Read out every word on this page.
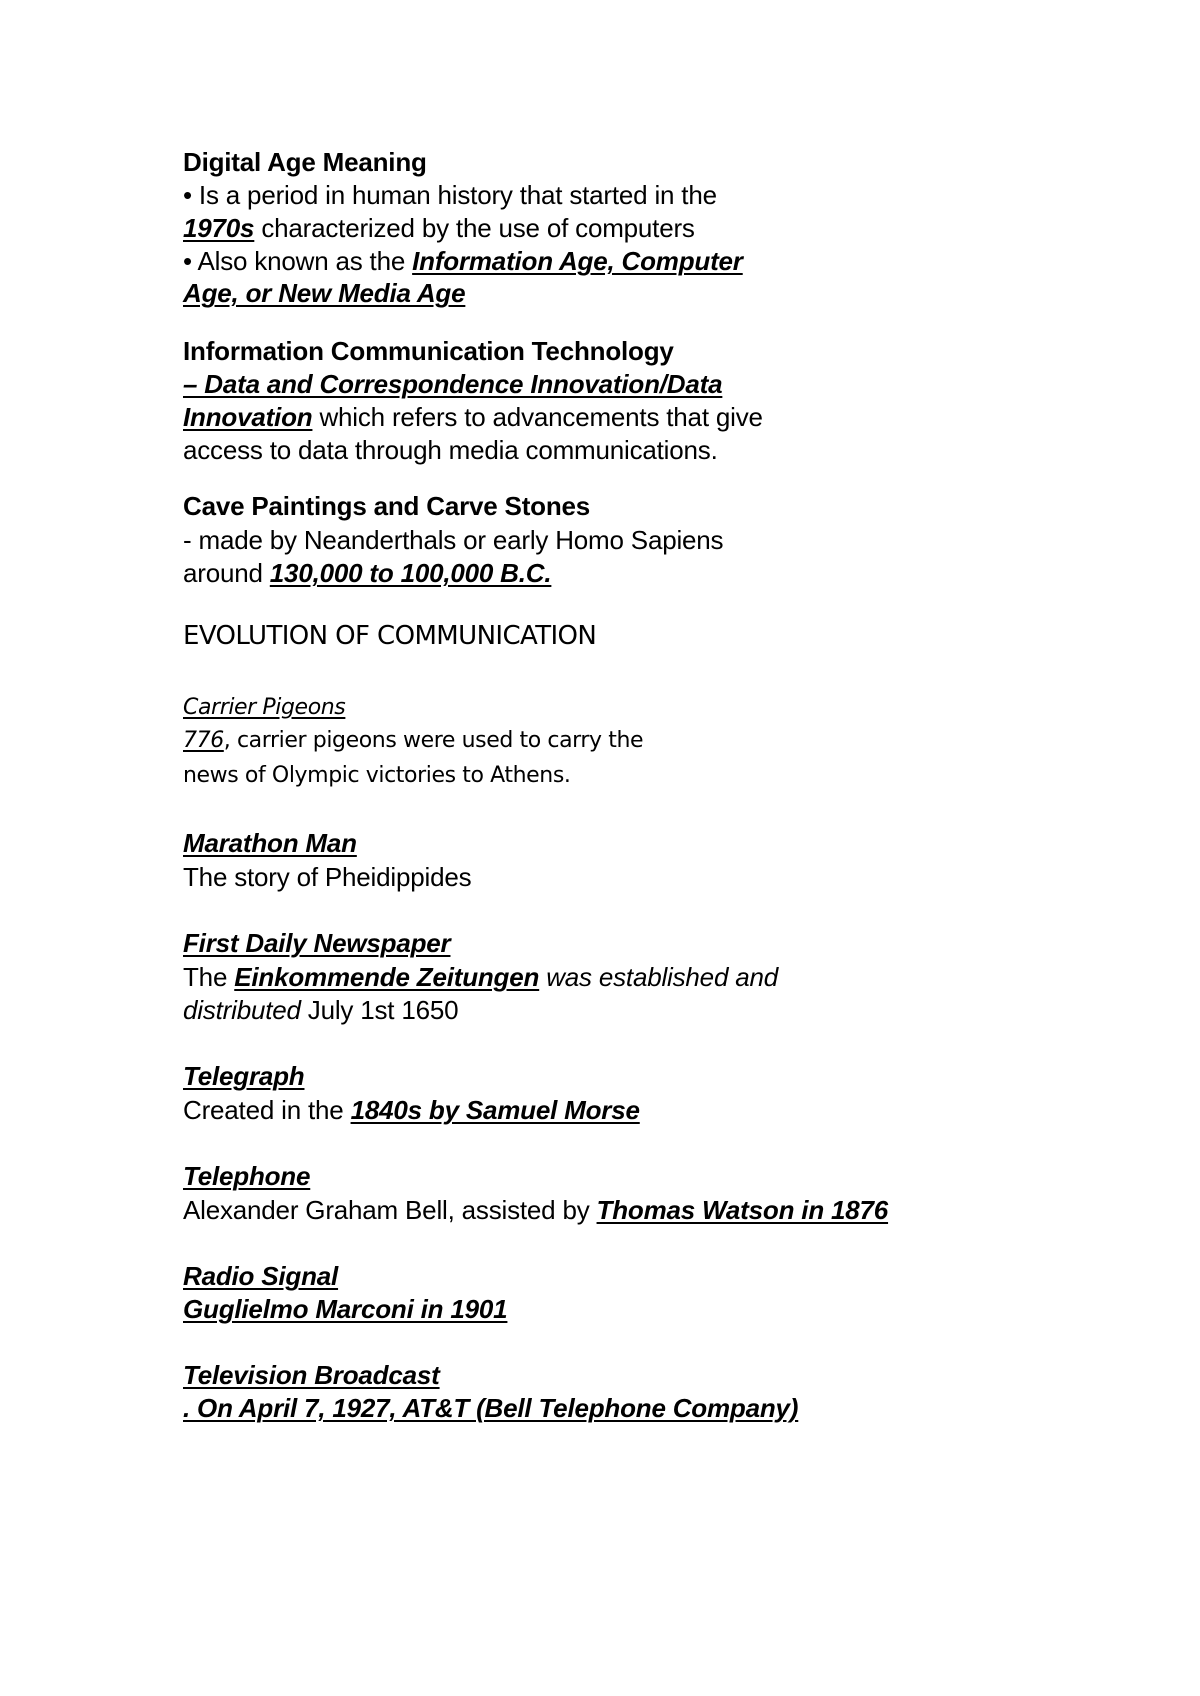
Digital Age Meaning
• Is a period in human history that started in the
1970s characterized by the use of computers
• Also known as the Information Age, Computer
Age, or New Media Age
Information Communication Technology
– Data and Correspondence Innovation/Data
Innovation which refers to advancements that give
access to data through media communications.
Cave Paintings and Carve Stones
- made by Neanderthals or early Homo Sapiens
around 130,000 to 100,000 B.C.
EVOLUTION OF COMMUNICATION
Carrier Pigeons
776, carrier pigeons were used to carry the
news of Olympic victories to Athens.
Marathon Man
The story of Pheidippides
First Daily Newspaper
The Einkommende Zeitungen was established and
distributed July 1st 1650
Telegraph
Created in the 1840s by Samuel Morse
Telephone
Alexander Graham Bell, assisted by Thomas Watson in 1876
Radio Signal
Guglielmo Marconi in 1901
Television Broadcast
. On April 7, 1927, AT&T (Bell Telephone Company)
